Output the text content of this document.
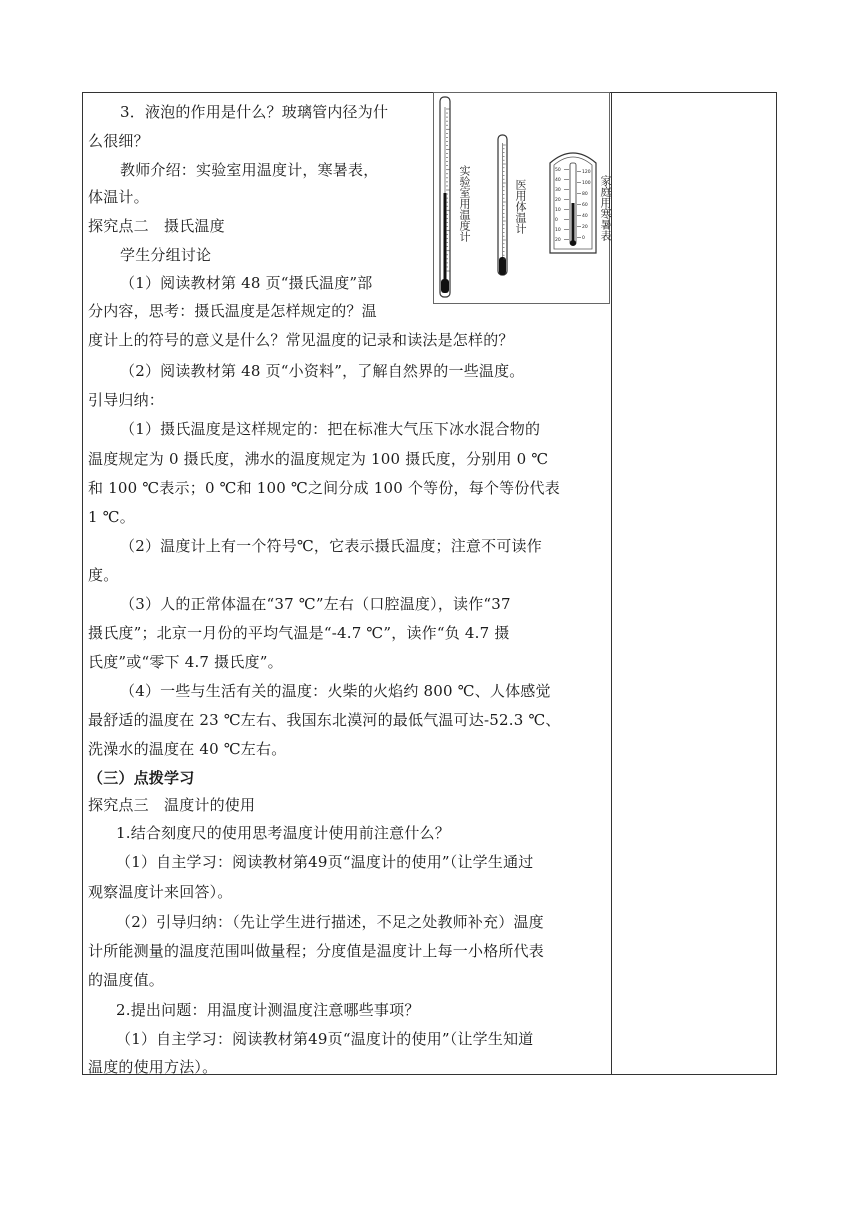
3．液泡的作用是什么？玻璃管内径为什
么很细？
教师介绍：实验室用温度计，寒暑表，
体温计。
探究点二　摄氏温度
学生分组讨论
（1）阅读教材第 48 页“摄氏温度”部
分内容，思考：摄氏温度是怎样规定的？温
度计上的符号的意义是什么？常见温度的记录和读法是怎样的？
（2）阅读教材第 48 页“小资料”，了解自然界的一些温度。
引导归纳：
（1）摄氏温度是这样规定的：把在标准大气压下冰水混合物的
温度规定为 0 摄氏度，沸水的温度规定为 100 摄氏度，分别用 0 ℃
和 100 ℃表示；0 ℃和 100 ℃之间分成 100 个等份，每个等份代表
1 ℃。
（2）温度计上有一个符号℃，它表示摄氏温度；注意不可读作
度。
（3）人的正常体温在“37 ℃”左右（口腔温度），读作“37
摄氏度”；北京一月份的平均气温是“-4.7 ℃”，读作“负 4.7 摄
氏度”或“零下 4.7 摄氏度”。
（4）一些与生活有关的温度：火柴的火焰约 800 ℃、人体感觉
最舒适的温度在 23 ℃左右、我国东北漠河的最低气温可达-52.3 ℃、
洗澡水的温度在 40 ℃左右。
（三）点拨学习
探究点三　温度计的使用
1.结合刻度尺的使用思考温度计使用前注意什么？
（1）自主学习：阅读教材第49页“温度计的使用”（让学生通过
观察温度计来回答）。
（2）引导归纳：（先让学生进行描述，不足之处教师补充）温度
计所能测量的温度范围叫做量程；分度值是温度计上每一小格所代表
的温度值。
2.提出问题：用温度计测温度注意哪些事项？
（1）自主学习：阅读教材第49页“温度计的使用”（让学生知道
温度的使用方法）。
50
40
30
20
10
0
10
20
120
100
80
60
40
20
0
实验室用温度计	医用体温计	家庭用寒暑表
